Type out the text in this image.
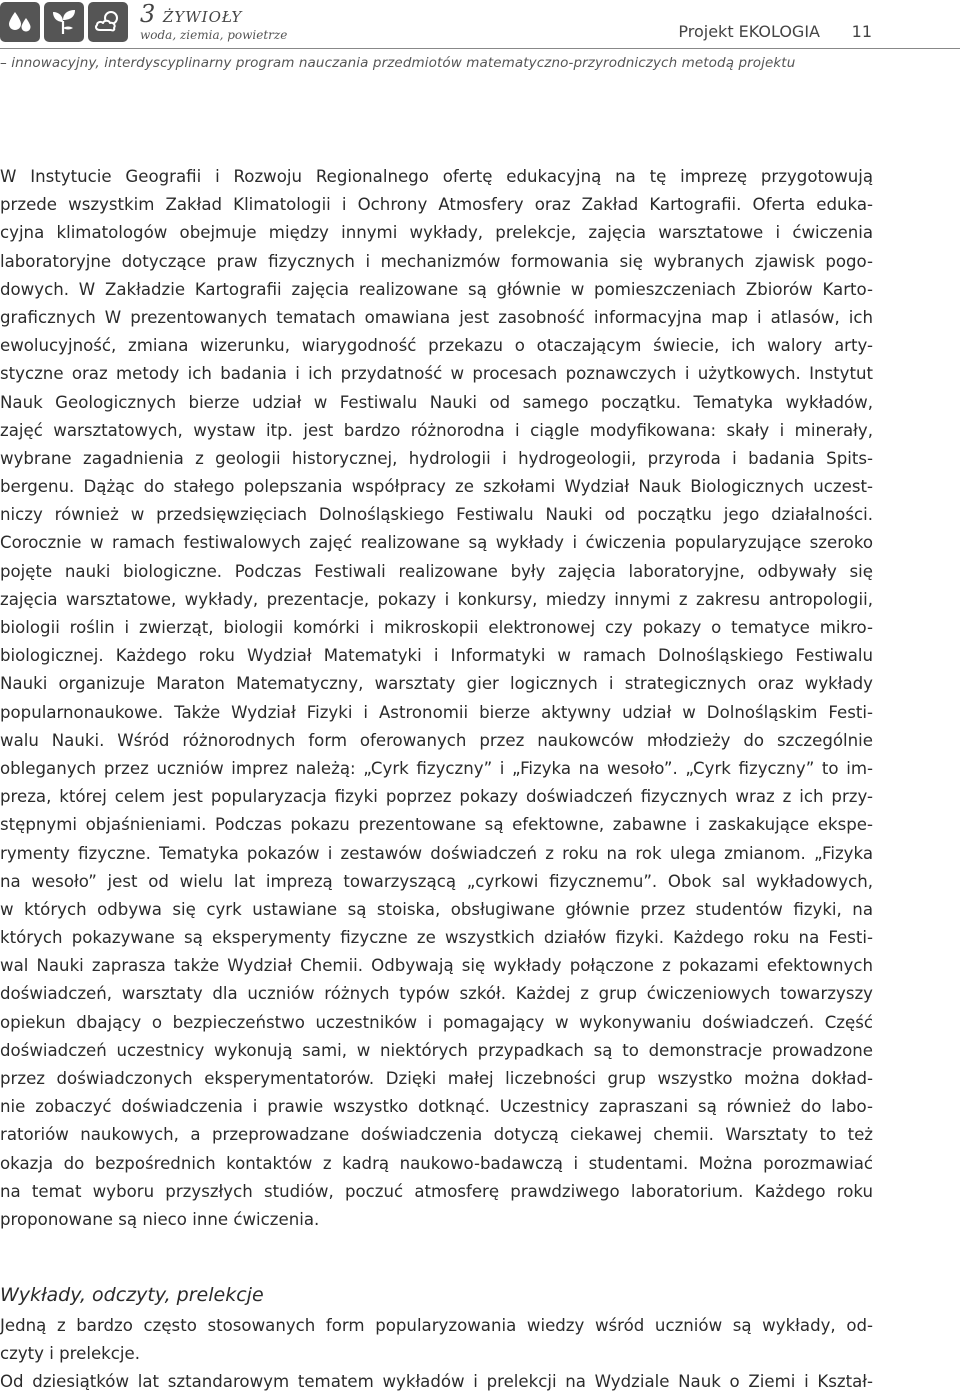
3 ŻYWIOŁY
woda, ziemia, powietrze	Projekt EKOLOGIA 11
– innowacyjny, interdyscyplinarny program nauczania przedmiotów matematyczno-przyrodniczych metodą projektu
W Instytucie Geografii i Rozwoju Regionalnego ofertę edukacyjną na tę imprezę przygotowują
przede wszystkim Zakład Klimatologii i Ochrony Atmosfery oraz Zakład Kartografii. Oferta eduka-
cyjna klimatologów obejmuje między innymi wykłady, prelekcje, zajęcia warsztatowe i ćwiczenia
laboratoryjne dotyczące praw fizycznych i mechanizmów formowania się wybranych zjawisk pogo-
dowych. W Zakładzie Kartografii zajęcia realizowane są głównie w pomieszczeniach Zbiorów Karto-
graficznych W prezentowanych tematach omawiana jest zasobność informacyjna map i atlasów, ich
ewolucyjność, zmiana wizerunku, wiarygodność przekazu o otaczającym świecie, ich walory arty-
styczne oraz metody ich badania i ich przydatność w procesach poznawczych i użytkowych. Instytut
Nauk Geologicznych bierze udział w Festiwalu Nauki od samego początku. Tematyka wykładów,
zajęć warsztatowych, wystaw itp. jest bardzo różnorodna i ciągle modyfikowana: skały i minerały,
wybrane zagadnienia z geologii historycznej, hydrologii i hydrogeologii, przyroda i badania Spits-
bergenu. Dążąc do stałego polepszania współpracy ze szkołami Wydział Nauk Biologicznych uczest-
niczy również w przedsięwzięciach Dolnośląskiego Festiwalu Nauki od początku jego działalności.
Corocznie w ramach festiwalowych zajęć realizowane są wykłady i ćwiczenia popularyzujące szeroko
pojęte nauki biologiczne. Podczas Festiwali realizowane były zajęcia laboratoryjne, odbywały się
zajęcia warsztatowe, wykłady, prezentacje, pokazy i konkursy, miedzy innymi z zakresu antropologii,
biologii roślin i zwierząt, biologii komórki i mikroskopii elektronowej czy pokazy o tematyce mikro-
biologicznej. Każdego roku Wydział Matematyki i Informatyki w ramach Dolnośląskiego Festiwalu
Nauki organizuje Maraton Matematyczny, warsztaty gier logicznych i strategicznych oraz wykłady
popularnonaukowe. Także Wydział Fizyki i Astronomii bierze aktywny udział w Dolnośląskim Festi-
walu Nauki. Wśród różnorodnych form oferowanych przez naukowców młodzieży do szczególnie
obleganych przez uczniów imprez należą: „Cyrk fizyczny” i „Fizyka na wesoło”. „Cyrk fizyczny” to im-
preza, której celem jest popularyzacja fizyki poprzez pokazy doświadczeń fizycznych wraz z ich przy-
stępnymi objaśnieniami. Podczas pokazu prezentowane są efektowne, zabawne i zaskakujące ekspe-
rymenty fizyczne. Tematyka pokazów i zestawów doświadczeń z roku na rok ulega zmianom. „Fizyka
na wesoło” jest od wielu lat imprezą towarzyszącą „cyrkowi fizycznemu”. Obok sal wykładowych,
w których odbywa się cyrk ustawiane są stoiska, obsługiwane głównie przez studentów fizyki, na
których pokazywane są eksperymenty fizyczne ze wszystkich działów fizyki. Każdego roku na Festi-
wal Nauki zaprasza także Wydział Chemii. Odbywają się wykłady połączone z pokazami efektownych
doświadczeń, warsztaty dla uczniów różnych typów szkół. Każdej z grup ćwiczeniowych towarzyszy
opiekun dbający o bezpieczeństwo uczestników i pomagający w wykonywaniu doświadczeń. Część
doświadczeń uczestnicy wykonują sami, w niektórych przypadkach są to demonstracje prowadzone
przez doświadczonych eksperymentatorów. Dzięki małej liczebności grup wszystko można dokład-
nie zobaczyć doświadczenia i prawie wszystko dotknąć. Uczestnicy zapraszani są również do labo-
ratoriów naukowych, a przeprowadzane doświadczenia dotyczą ciekawej chemii. Warsztaty to też
okazja do bezpośrednich kontaktów z kadrą naukowo-badawczą i studentami. Można porozmawiać
na temat wyboru przyszłych studiów, poczuć atmosferę prawdziwego laboratorium. Każdego roku
proponowane są nieco inne ćwiczenia.
Wykłady, odczyty, prelekcje
Jedną z bardzo często stosowanych form popularyzowania wiedzy wśród uczniów są wykłady, od-
czyty i prelekcje.
Od dziesiątków lat sztandarowym tematem wykładów i prelekcji na Wydziale Nauk o Ziemi i Kształ-
